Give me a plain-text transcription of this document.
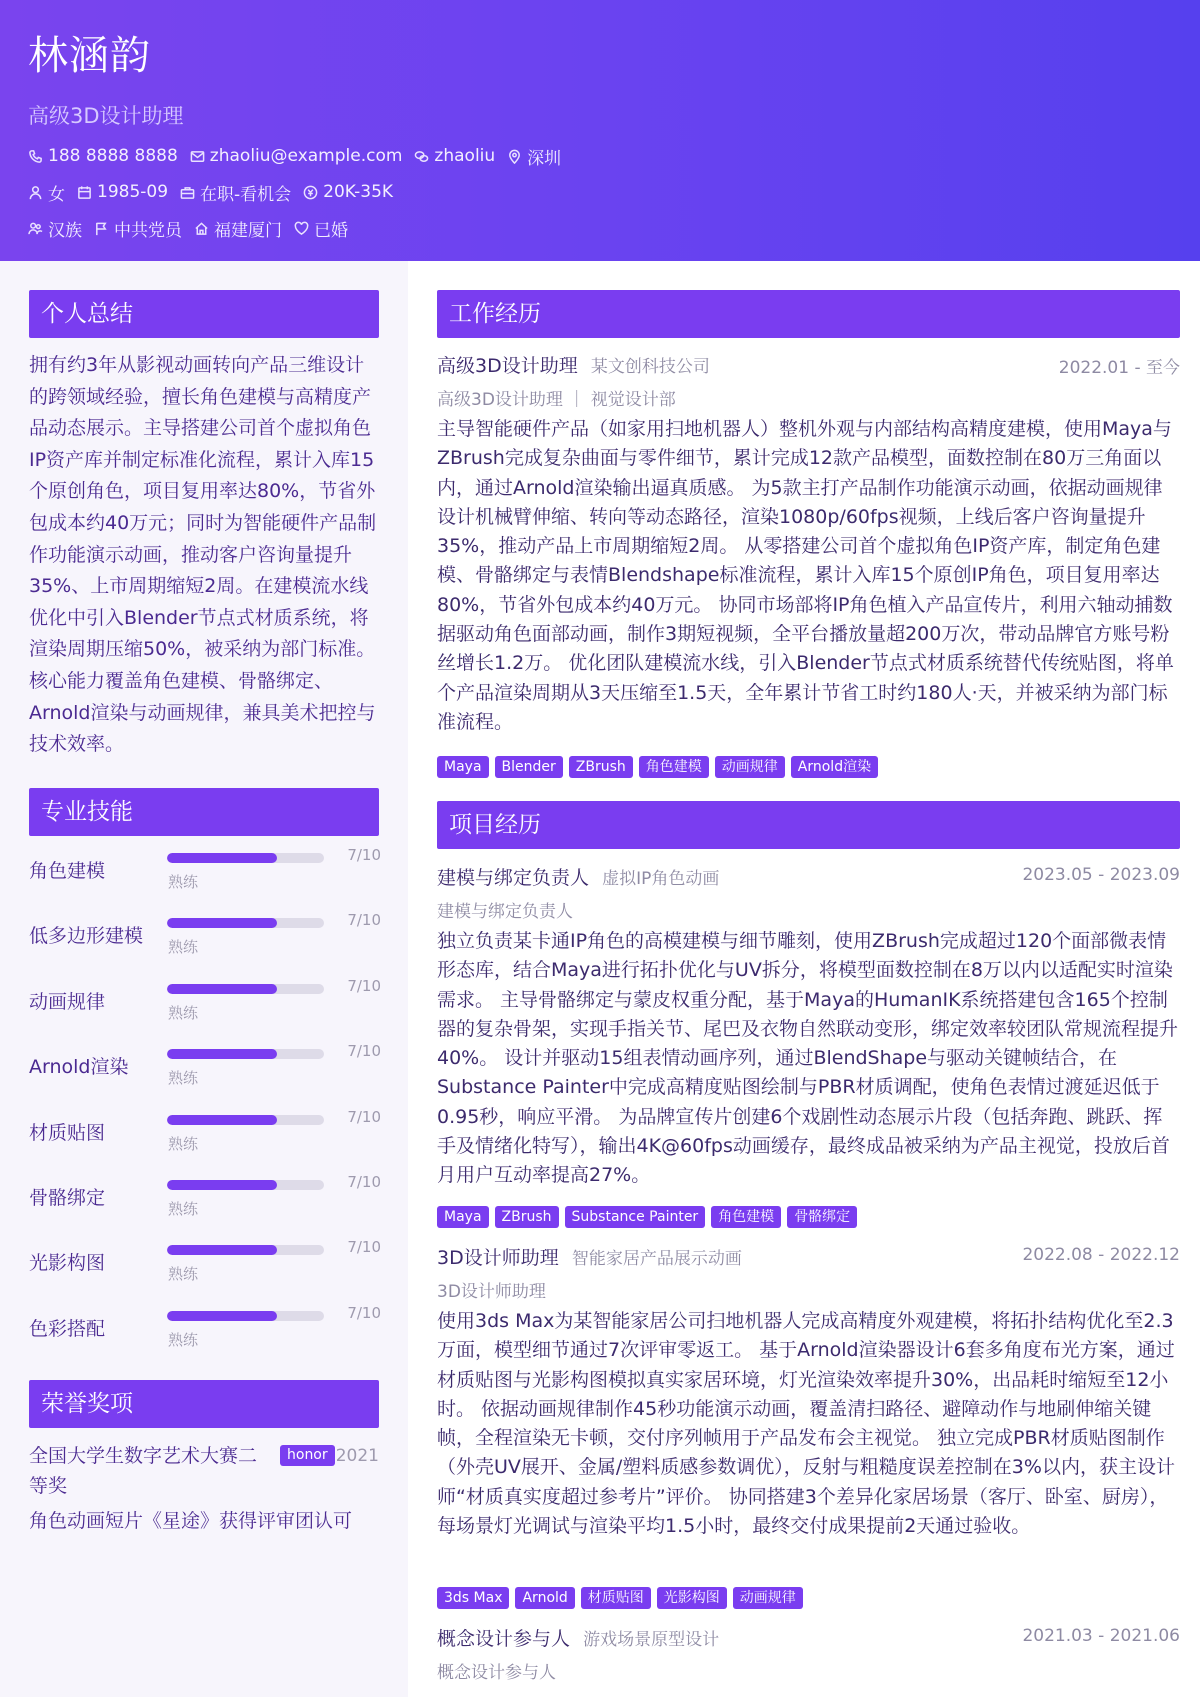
林涵韵
高级3D设计助理
188 8888 8888 zhaoliu@example.com zhaoliu 深圳
女 1985-09 在职-看机会 20K-35K
汉族 中共党员 福建厦门 已婚
个人总结
拥有约3年从影视动画转向产品三维设计的跨领域经验，擅长角色建模与高精度产品动态展示。主导搭建公司首个虚拟角色IP资产库并制定标准化流程，累计入库15个原创角色，项目复用率达80%，节省外包成本约40万元；同时为智能硬件产品制作功能演示动画，推动客户咨询量提升35%、上市周期缩短2周。在建模流水线优化中引入Blender节点式材质系统，将渲染周期压缩50%，被采纳为部门标准。核心能力覆盖角色建模、骨骼绑定、Arnold渲染与动画规律，兼具美术把控与技术效率。
专业技能
角色建模
7/10
熟练
低多边形建模
7/10
熟练
动画规律
7/10
熟练
Arnold渲染
7/10
熟练
材质贴图
7/10
熟练
骨骼绑定
7/10
熟练
光影构图
7/10
熟练
色彩搭配
7/10
熟练
荣誉奖项
全国大学生数字艺术大赛二等奖
honor 2021
角色动画短片《星途》获得评审团认可
工作经历
高级3D设计助理 某文创科技公司	2022.01 - 至今
高级3D设计助理 ｜ 视觉设计部
主导智能硬件产品（如家用扫地机器人）整机外观与内部结构高精度建模，使用Maya与ZBrush完成复杂曲面与零件细节，累计完成12款产品模型，面数控制在80万三角面以内，通过Arnold渲染输出逼真质感。 为5款主打产品制作功能演示动画，依据动画规律设计机械臂伸缩、转向等动态路径，渲染1080p/60fps视频，上线后客户咨询量提升35%，推动产品上市周期缩短2周。 从零搭建公司首个虚拟角色IP资产库，制定角色建模、骨骼绑定与表情Blendshape标准流程，累计入库15个原创IP角色，项目复用率达80%，节省外包成本约40万元。 协同市场部将IP角色植入产品宣传片，利用六轴动捕数据驱动角色面部动画，制作3期短视频，全平台播放量超200万次，带动品牌官方账号粉丝增长1.2万。 优化团队建模流水线，引入Blender节点式材质系统替代传统贴图，将单个产品渲染周期从3天压缩至1.5天，全年累计节省工时约180人·天，并被采纳为部门标准流程。
Maya	Blender	ZBrush	角色建模	动画规律	Arnold渲染
项目经历
建模与绑定负责人 虚拟IP角色动画	2023.05 - 2023.09
建模与绑定负责人
独立负责某卡通IP角色的高模建模与细节雕刻，使用ZBrush完成超过120个面部微表情形态库，结合Maya进行拓扑优化与UV拆分，将模型面数控制在8万以内以适配实时渲染需求。 主导骨骼绑定与蒙皮权重分配，基于Maya的HumanIK系统搭建包含165个控制器的复杂骨架，实现手指关节、尾巴及衣物自然联动变形，绑定效率较团队常规流程提升40%。 设计并驱动15组表情动画序列，通过BlendShape与驱动关键帧结合，在Substance Painter中完成高精度贴图绘制与PBR材质调配，使角色表情过渡延迟低于0.95秒，响应平滑。 为品牌宣传片创建6个戏剧性动态展示片段（包括奔跑、跳跃、挥手及情绪化特写），输出4K@60fps动画缓存，最终成品被采纳为产品主视觉，投放后首月用户互动率提高27%。
Maya	ZBrush	Substance Painter	角色建模	骨骼绑定
3D设计师助理 智能家居产品展示动画	2022.08 - 2022.12
3D设计师助理
使用3ds Max为某智能家居公司扫地机器人完成高精度外观建模，将拓扑结构优化至2.3万面，模型细节通过7次评审零返工。 基于Arnold渲染器设计6套多角度布光方案，通过材质贴图与光影构图模拟真实家居环境，灯光渲染效率提升30%，出品耗时缩短至12小时。 依据动画规律制作45秒功能演示动画，覆盖清扫路径、避障动作与地刷伸缩关键帧，全程渲染无卡顿，交付序列帧用于产品发布会主视觉。 独立完成PBR材质贴图制作（外壳UV展开、金属/塑料质感参数调优），反射与粗糙度误差控制在3%以内，获主设计师“材质真实度超过参考片”评价。 协同搭建3个差异化家居场景（客厅、卧室、厨房），每场景灯光调试与渲染平均1.5小时，最终交付成果提前2天通过验收。
3ds Max	Arnold	材质贴图	光影构图	动画规律
概念设计参与人 游戏场景原型设计	2021.03 - 2021.06
概念设计参与人
